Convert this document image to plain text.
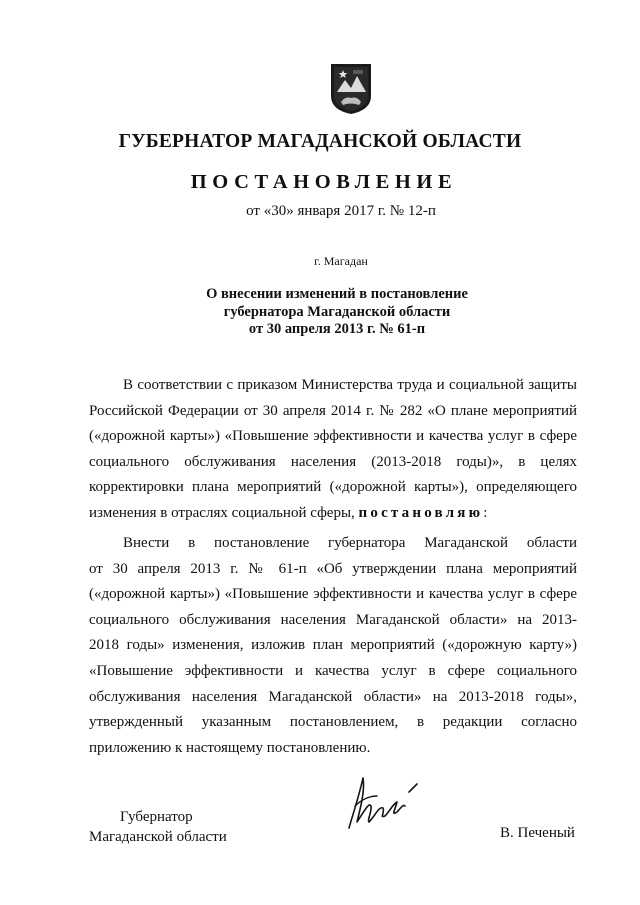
ГУБЕРНАТОР МАГАДАНСКОЙ ОБЛАСТИ
ПОСТАНОВЛЕНИЕ
от «30» января 2017 г. № 12-п
г. Магадан
О внесении изменений в постановление
губернатора Магаданской области
от 30 апреля 2013 г. № 61-п
В соответствии с приказом Министерства труда и социальной защиты
Российской Федерации от 30 апреля 2014 г. № 282 «О плане мероприятий
(«дорожной карты») «Повышение эффективности и качества услуг в сфере
социального обслуживания населения (2013-2018 годы)», в целях
корректировки плана мероприятий («дорожной карты»), определяющего
изменения в отраслях социальной сферы, постановляю:
Внести в постановление губернатора Магаданской области
от 30 апреля 2013 г. № 61-п «Об утверждении плана мероприятий
(«дорожной карты») «Повышение эффективности и качества услуг в сфере
социального обслуживания населения Магаданской области» на 2013-
2018 годы» изменения, изложив план мероприятий («дорожную карту»)
«Повышение эффективности и качества услуг в сфере социального
обслуживания населения Магаданской области» на 2013-2018 годы»,
утвержденный указанным постановлением, в редакции согласно
приложению к настоящему постановлению.
Губернатор
Магаданской области	В. Печеный
